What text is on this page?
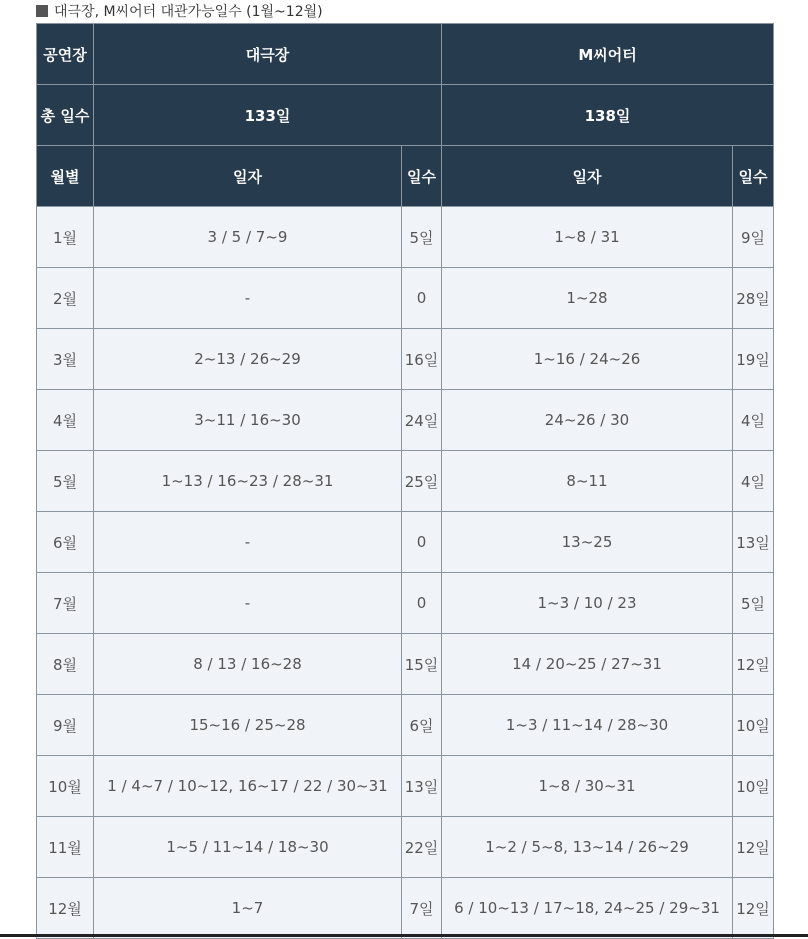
대극장, M씨어터 대관가능일수 (1월~12월)
공연장	대극장		M씨어터	
총 일수	133일		138일	
월별	일자	일수	일자	일수
1월	3 / 5 / 7~9	5일	1~8 / 31	9일
2월	-	0	1~28	28일
3월	2~13 / 26~29	16일	1~16 / 24~26	19일
4월	3~11 / 16~30	24일	24~26 / 30	4일
5월	1~13 / 16~23 / 28~31	25일	8~11	4일
6월	-	0	13~25	13일
7월	-	0	1~3 / 10 / 23	5일
8월	8 / 13 / 16~28	15일	14 / 20~25 / 27~31	12일
9월	15~16 / 25~28	6일	1~3 / 11~14 / 28~30	10일
10월	1 / 4~7 / 10~12, 16~17 / 22 / 30~31	13일	1~8 / 30~31	10일
11월	1~5 / 11~14 / 18~30	22일	1~2 / 5~8, 13~14 / 26~29	12일
12월	1~7	7일	6 / 10~13 / 17~18, 24~25 / 29~31	12일
